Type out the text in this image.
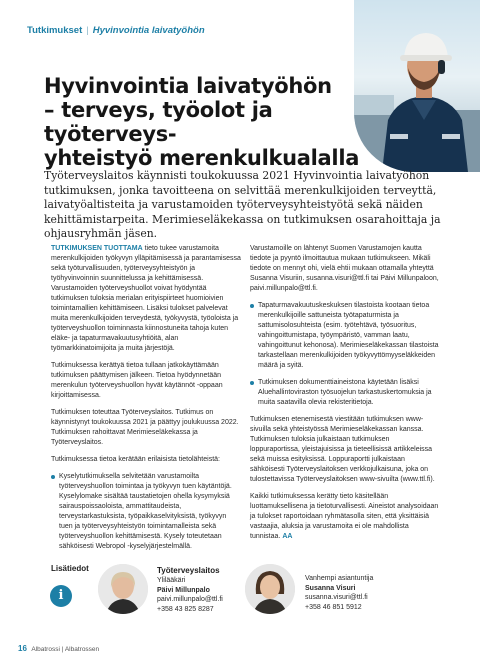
Tutkimukset | Hyvinvointia laivatyöhön
Hyvinvointia laivatyöhön
– terveys, työolot ja työterveys-
yhteistyö merenkulkualalla

Työterveyslaitos käynnisti toukokuussa 2021 Hyvinvointia laivatyöhön tutkimuksen, jonka tavoitteena on selvittää merenkulkijoiden terveyttä, laivatyöaltisteita ja varustamoiden työterveysyhteistyötä sekä näiden kehittämistarpeita. Merimieseläkekassa on tutkimuksen osarahoittaja ja ohjausryhmän jäsen.

TUTKIMUKSEN TUOTTAMA tieto tukee varustamoita merenkulkijoiden työkyvyn ylläpitämisessä ja parantamisessa sekä työturvallisuuden, työterveysyhteistyön ja työhyvinvoinnin suunnittelussa ja kehittämisessä. Varustamoiden työterveyshuollot voivat hyödyntää tutkimuksen tuloksia merialan erityispiirteet huomioivien toimintamallien kehittämiseen. Lisäksi tulokset palvelevat muita merenkulkijoiden terveydestä, työkyvystä, työoloista ja työterveyshuollon toiminnasta kiinnostuneita tahoja kuten eläke- ja tapaturmavakuutusyhtiöitä, alan työmarkkinatoimijoita ja muita järjestöjä.

Tutkimuksessa kerättyä tietoa tullaan jatkokäyttämään tutkimuksen päättymisen jälkeen. Tietoa hyödynnetään merenkulun työterveyshuollon hyvät käytännöt -oppaan kirjoittamisessa.

Tutkimuksen toteuttaa Työterveyslaitos. Tutkimus on käynnistynyt toukokuussa 2021 ja päättyy joulukuussa 2022. Tutkimuksen rahoittavat Merimieseläkekassa ja Työterveyslaitos.

Tutkimuksessa tietoa kerätään erilaisista tietolähteistä:

Kyselytutkimuksella selvitetään varustamoilta työterveyshuollon toimintaa ja työkyvyn tuen käytäntöjä. Kyselylomake sisältää taustatietojen ohella kysymyksiä sairauspoissaoloista, ammattitaudeista, terveystarkastuksista, työpaikkaselvityksistä, työkyvyn tuen ja työterveysyhteistyön toimintamalleista sekä työterveyshuollon kehittämisestä. Kysely toteutetaan sähköisesti Webropol -kyselyjärjestelmällä.

Varustamoille on lähtenyt Suomen Varustamojen kautta tiedote ja pyyntö ilmoittautua mukaan tutkimukseen. Mikäli tiedote on mennyt ohi, vielä ehtii mukaan ottamalla yhteyttä Susanna Visuriin, susanna.visuri@ttl.fi tai Päivi Millunpaloon, paivi.millunpalo@ttl.fi.

Tapaturmavakuutuskeskuksen tilastoista kootaan tietoa merenkulkijoille sattuneista työtapaturmista ja sattumisolosuhteista (esim. työtehtävä, työsuoritus, vahingoittumistapa, työympäristö, vamman laatu, vahingoittunut kehonosa). Merimieseläkekassan tilastoista tarkastellaan merenkulkijoiden työkyvyttömyyseläkkeiden määrä ja syitä.
Tutkimuksen dokumenttiaineistona käytetään lisäksi Aluehallintoviraston työsuojelun tarkastuskertomuksia ja muita saatavilla olevia rekisteritietoja.

Tutkimuksen etenemisestä viestitään tutkimuksen www-sivuilla sekä yhteistyössä Merimieseläkekassan kanssa. Tutkimuksen tuloksia julkaistaan tutkimuksen loppuraportissa, yleistajuisissa ja tieteellisissä artikkeleissa sekä muissa esityksissä. Loppuraportti julkaistaan sähköisesti Työterveyslaitoksen verkkojulkaisuna, joka on tulostettavissa Työterveyslaitoksen www-sivuilta (www.ttl.fi).

Kaikki tutkimuksessa kerätty tieto käsitellään luottamuksellisena ja tietoturvallisesti. Aineistot analysoidaan ja tulokset raportoidaan ryhmätasolla siten, että yksittäisiä vastaajia, aluksia ja varustamoita ei ole mahdollista tunnistaa. AA

Lisätiedot
i
Työterveyslaitos
Ylilääkäri
Päivi Millunpalo
paivi.millunpalo@ttl.fi
+358 43 825 8287
Vanhempi asiantuntija
Susanna Visuri
susanna.visuri@ttl.fi
+358 46 851 5912
16 Albatrossi | Albatrossen
